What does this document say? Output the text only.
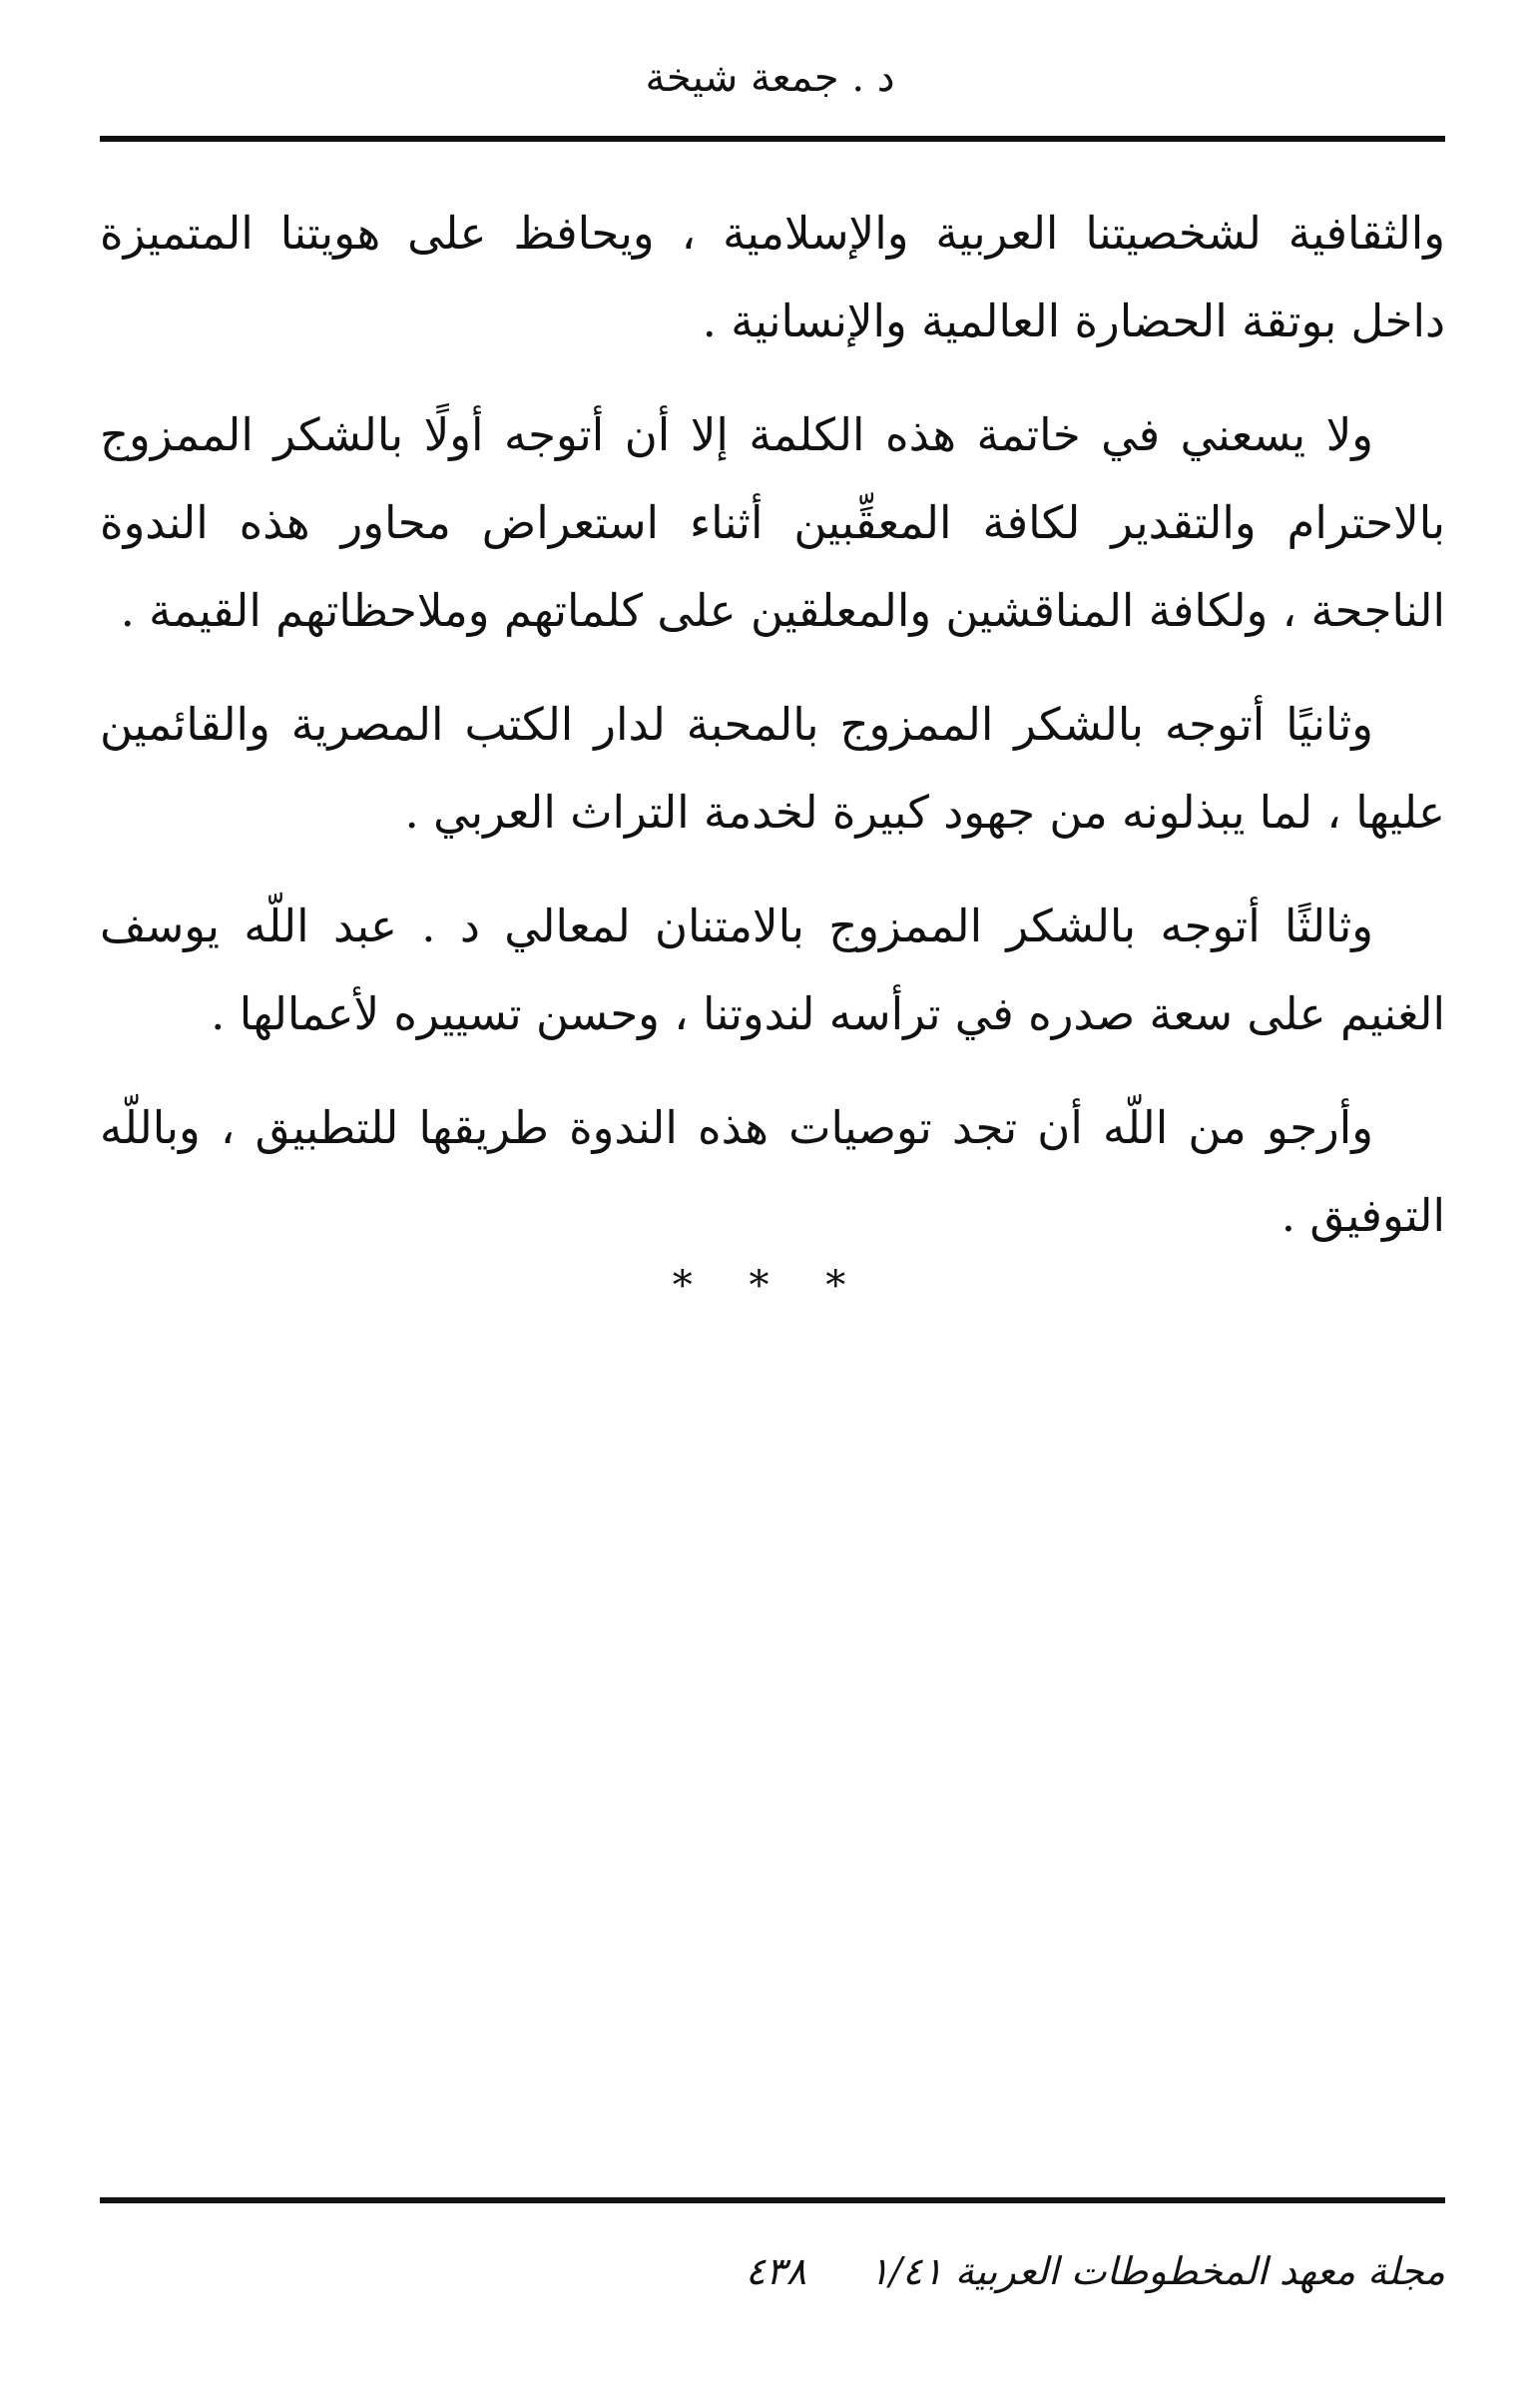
د . جمعة شيخة

والثقافية لشخصيتنا العربية والإسلامية ، ويحافظ على هويتنا المتميزة داخل بوتقة الحضارة العالمية والإنسانية .

ولا يسعني في خاتمة هذه الكلمة إلا أن أتوجه أولًا بالشكر الممزوج بالاحترام والتقدير لكافة المعقِّبين أثناء استعراض محاور هذه الندوة الناجحة ، ولكافة المناقشين والمعلقين على كلماتهم وملاحظاتهم القيمة .

وثانيًا أتوجه بالشكر الممزوج بالمحبة لدار الكتب المصرية والقائمين عليها ، لما يبذلونه من جهود كبيرة لخدمة التراث العربي .

وثالثًا أتوجه بالشكر الممزوج بالامتنان لمعالي د . عبد اللّه يوسف الغنيم على سعة صدره في ترأسه لندوتنا ، وحسن تسييره لأعمالها .

وأرجو من اللّه أن تجد توصيات هذه الندوة طريقها للتطبيق ، وباللّه التوفيق .

* * *
مجلة معهد المخطوطات العربية ١/٤١
٤٣٨
